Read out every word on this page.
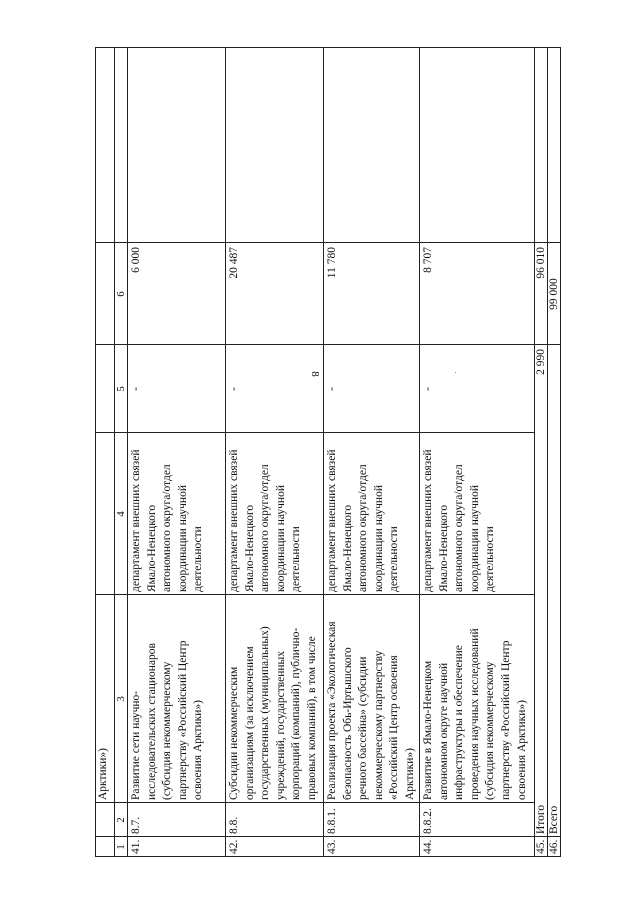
8
1
2
3
4
5
6
Арктики»)
41.
8.7.
Развитие сети научно-
исследовательских стационаров
(субсидия некоммерческому
партнерству «Российский Центр
освоения Арктики»)
департамент внешних связей
Ямало-Ненецкого
автономного округа/отдел
координации научной
деятельности
-
6 000
42.
8.8.
Субсидии некоммерческим
организациям (за исключением
государственных (муниципальных)
учреждений, государственных
корпораций (компаний), публично-
правовых компаний), в том числе
департамент внешних связей
Ямало-Ненецкого
автономного округа/отдел
координации научной
деятельности
-
20 487
43.
8.8.1.
Реализация проекта «Экологическая
безопасность Обь-Иртышского
речного бассейна» (субсидии
некоммерческому партнерству
«Российский Центр освоения
Арктики»)
департамент внешних связей
Ямало-Ненецкого
автономного округа/отдел
координации научной
деятельности
-
11 780
44.
8.8.2.
Развитие в Ямало-Ненецком
автономном округе научной
инфраструктуры и обеспечение
проведения научных исследований
(субсидия некоммерческому
партнерству «Российский Центр
освоения Арктики»)
департамент внешних связей
Ямало-Ненецкого
автономного округа/отдел
координации научной
деятельности
-
8 707
45.
Итого
2 990
96 010
46.
Всего
99 000
